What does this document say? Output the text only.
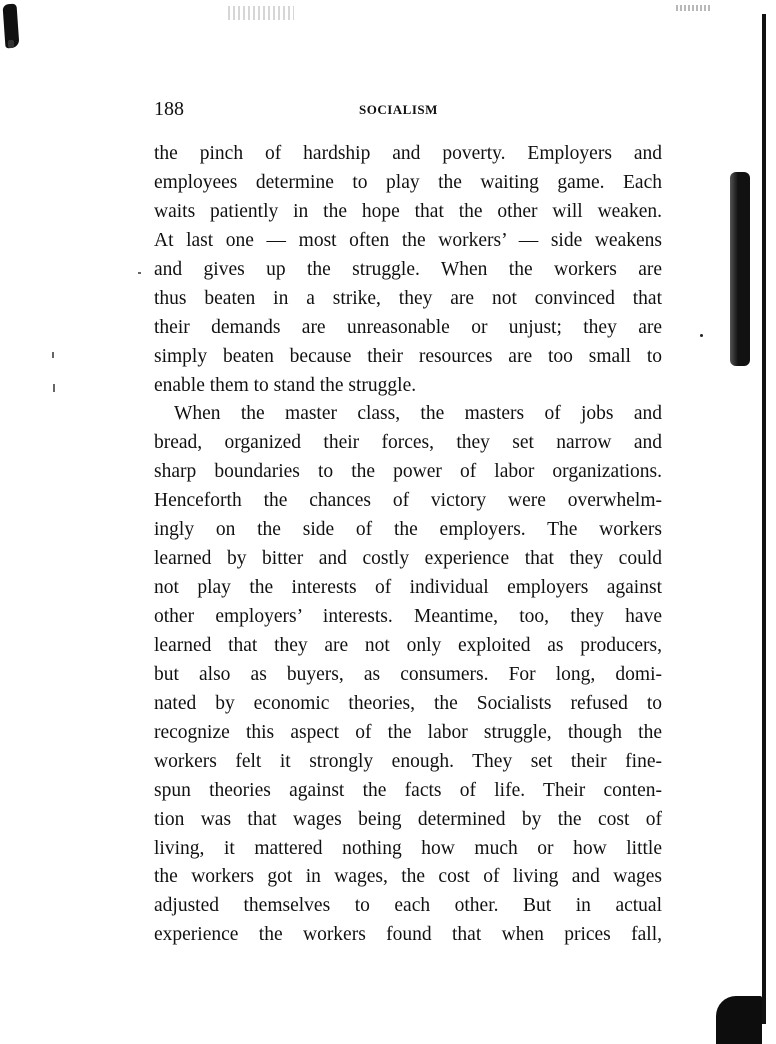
188	SOCIALISM
the pinch of hardship and poverty. Employers and
employees determine to play the waiting game. Each
waits patiently in the hope that the other will weaken.
At last one — most often the workers’ — side weakens
and gives up the struggle. When the workers are
thus beaten in a strike, they are not convinced that
their demands are unreasonable or unjust; they are
simply beaten because their resources are too small to
enable them to stand the struggle.
When the master class, the masters of jobs and
bread, organized their forces, they set narrow and
sharp boundaries to the power of labor organizations.
Henceforth the chances of victory were overwhelm-
ingly on the side of the employers. The workers
learned by bitter and costly experience that they could
not play the interests of individual employers against
other employers’ interests. Meantime, too, they have
learned that they are not only exploited as producers,
but also as buyers, as consumers. For long, domi-
nated by economic theories, the Socialists refused to
recognize this aspect of the labor struggle, though the
workers felt it strongly enough. They set their fine-
spun theories against the facts of life. Their conten-
tion was that wages being determined by the cost of
living, it mattered nothing how much or how little
the workers got in wages, the cost of living and wages
adjusted themselves to each other. But in actual
experience the workers found that when prices fall,
